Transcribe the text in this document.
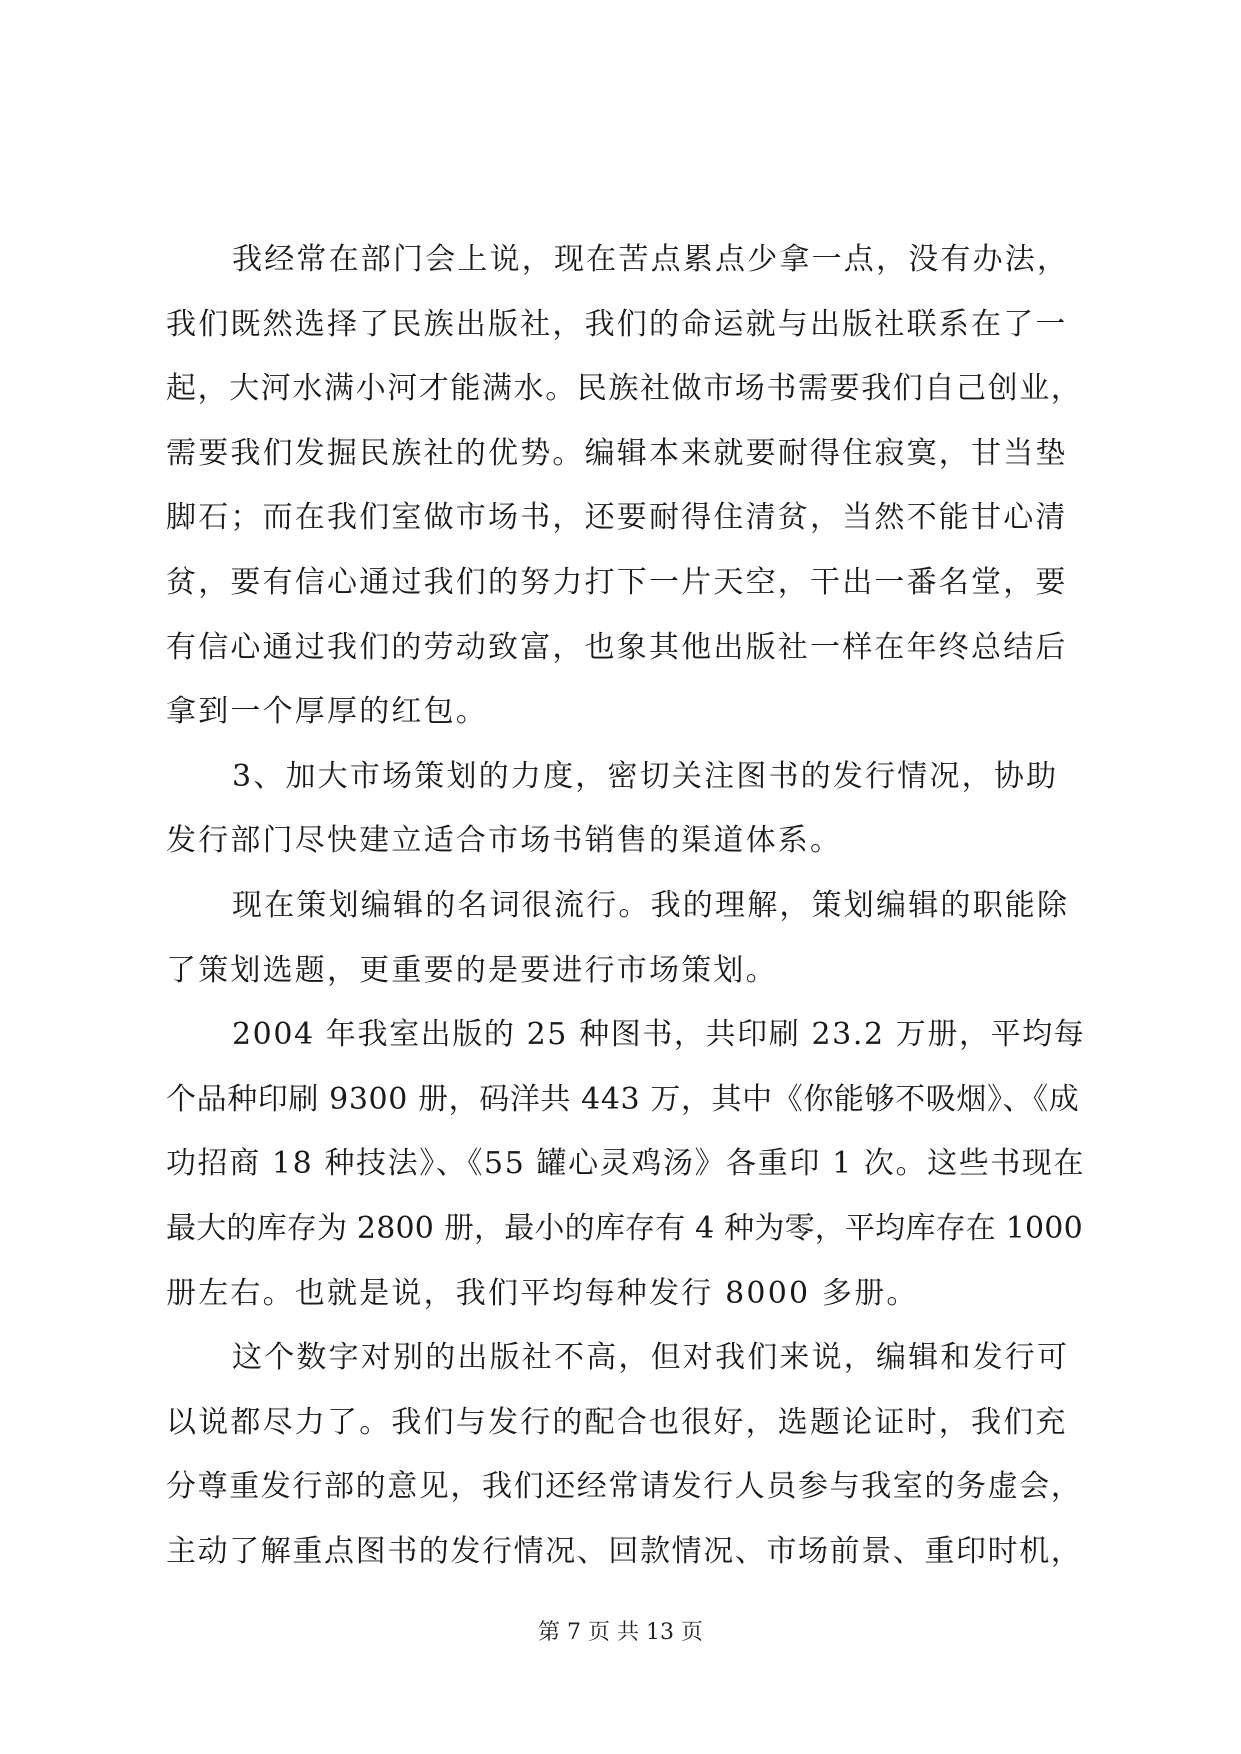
我经常在部门会上说，现在苦点累点少拿一点，没有办法，
我们既然选择了民族出版社，我们的命运就与出版社联系在了一
起，大河水满小河才能满水。民族社做市场书需要我们自己创业，
需要我们发掘民族社的优势。编辑本来就要耐得住寂寞，甘当垫
脚石；而在我们室做市场书，还要耐得住清贫，当然不能甘心清
贫，要有信心通过我们的努力打下一片天空，干出一番名堂，要
有信心通过我们的劳动致富，也象其他出版社一样在年终总结后
拿到一个厚厚的红包。
3、加大市场策划的力度，密切关注图书的发行情况，协助
发行部门尽快建立适合市场书销售的渠道体系。
现在策划编辑的名词很流行。我的理解，策划编辑的职能除
了策划选题，更重要的是要进行市场策划。
2004 年我室出版的 25 种图书，共印刷 23.2 万册，平均每
个品种印刷 9300 册，码洋共 443 万，其中《你能够不吸烟》、《成
功招商 18 种技法》、《55 罐心灵鸡汤》各重印 1 次。这些书现在
最大的库存为 2800 册，最小的库存有 4 种为零，平均库存在 1000
册左右。也就是说，我们平均每种发行 8000 多册。
这个数字对别的出版社不高，但对我们来说，编辑和发行可
以说都尽力了。我们与发行的配合也很好，选题论证时，我们充
分尊重发行部的意见，我们还经常请发行人员参与我室的务虚会，
主动了解重点图书的发行情况、回款情况、市场前景、重印时机，
第 7 页 共 13 页
